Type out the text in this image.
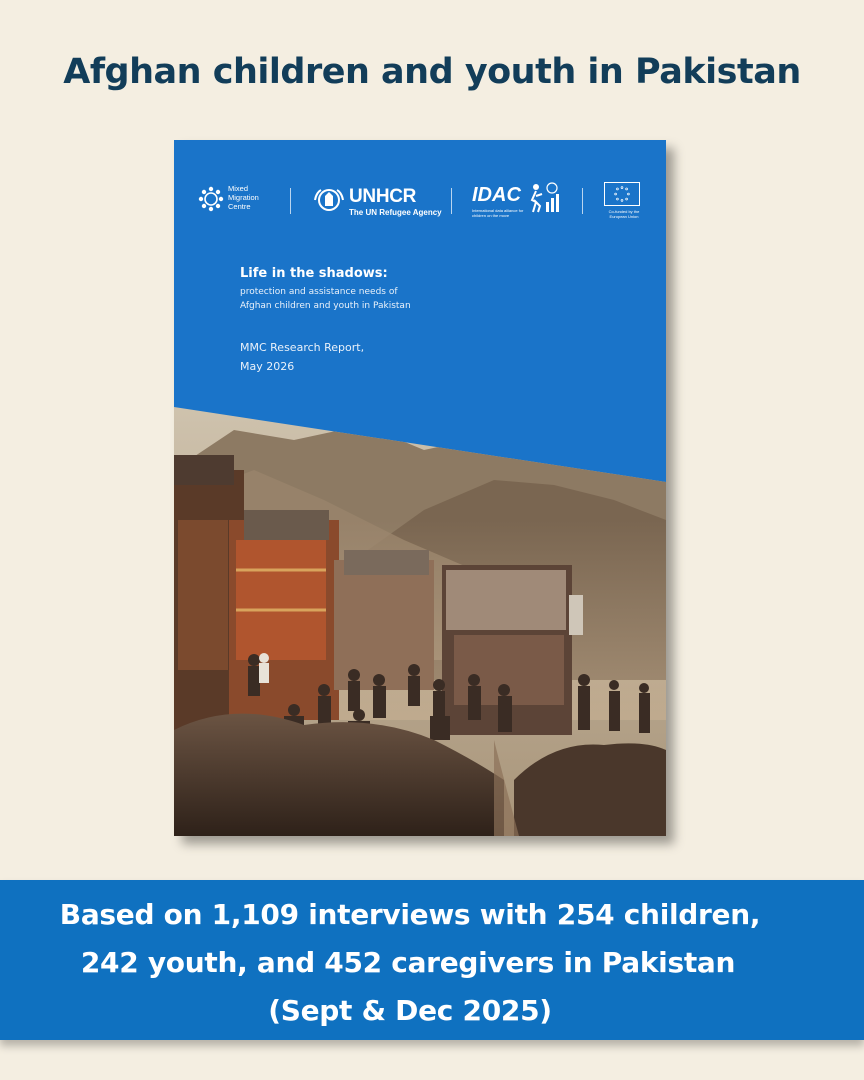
Afghan children and youth in Pakistan
Mixed
Migration
Centre	UNHCR
The UN Refugee Agency
IDAC
International data alliance for children on the move
Co-funded by the European Union
Life in the shadows:
protection and assistance needs of
Afghan children and youth in Pakistan
MMC Research Report,
May 2026
Based on 1,109 interviews with 254 children,
242 youth, and 452 caregivers in Pakistan
(Sept & Dec 2025)
